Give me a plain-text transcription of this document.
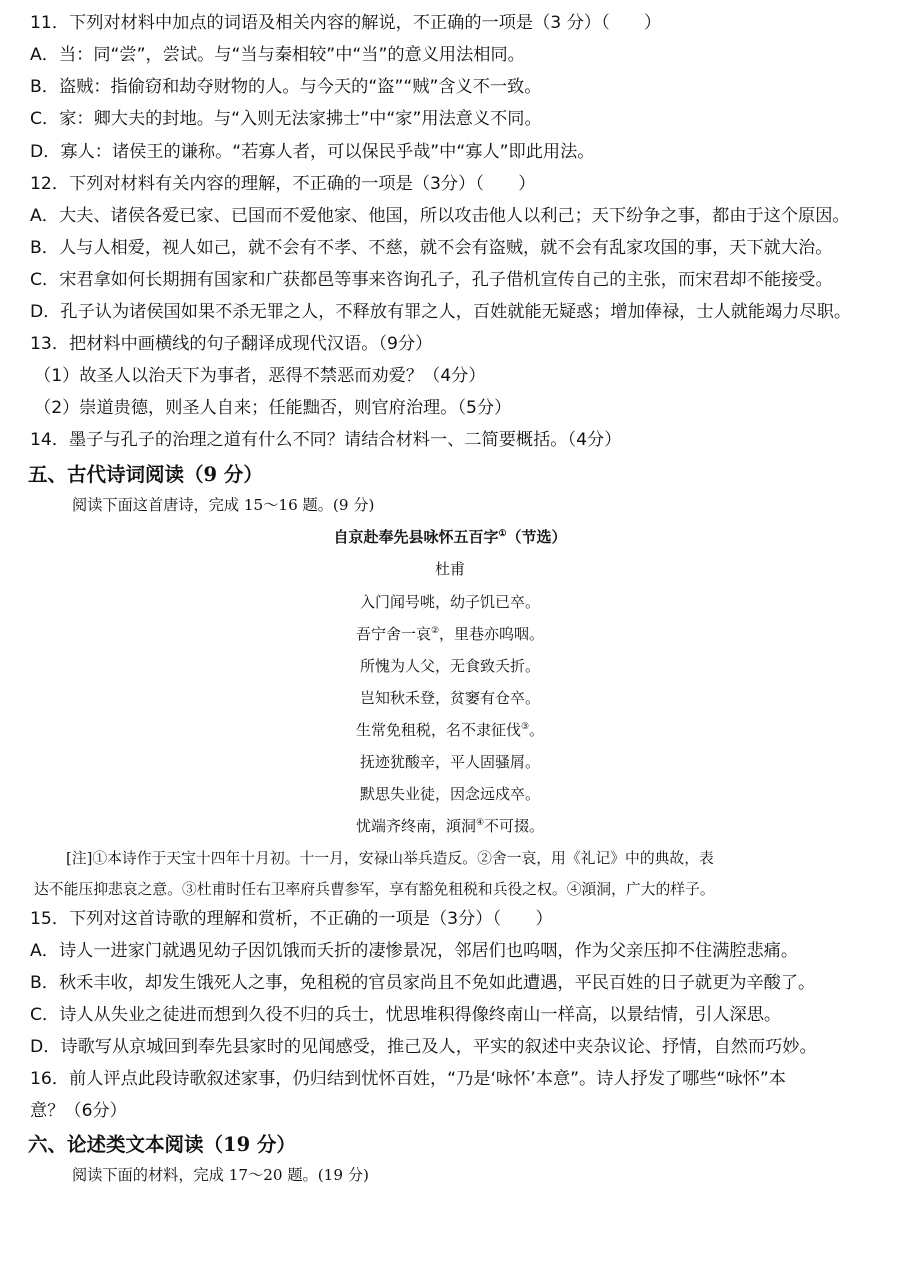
11．下列对材料中加点的词语及相关内容的解说，不正确的一项是（3 分）（　　）
A．当：同“尝”，尝试。与“当与秦相较”中“当”的意义用法相同。
B．盗贼：指偷窃和劫夺财物的人。与今天的“盗”“贼”含义不一致。
C．家：卿大夫的封地。与“入则无法家拂士”中“家”用法意义不同。
D．寡人：诸侯王的谦称。“若寡人者，可以保民乎哉”中“寡人”即此用法。
12．下列对材料有关内容的理解，不正确的一项是（3分）（　　）
A．大夫、诸侯各爱已家、已国而不爱他家、他国，所以攻击他人以利己；天下纷争之事，都由于这个原因。
B．人与人相爱，视人如己，就不会有不孝、不慈，就不会有盗贼，就不会有乱家攻国的事，天下就大治。
C．宋君拿如何长期拥有国家和广获都邑等事来咨询孔子，孔子借机宣传自己的主张，而宋君却不能接受。
D．孔子认为诸侯国如果不杀无罪之人，不释放有罪之人，百姓就能无疑惑；增加俸禄，士人就能竭力尽职。
13．把材料中画横线的句子翻译成现代汉语。（9分）
（1）故圣人以治天下为事者，恶得不禁恶而劝爱？（4分）
（2）崇道贵德，则圣人自来；任能黜否，则官府治理。（5分）
14．墨子与孔子的治理之道有什么不同？请结合材料一、二简要概括。（4分）
五、古代诗词阅读（9 分）
阅读下面这首唐诗，完成 15～16 题。(9 分)
自京赴奉先县咏怀五百字①（节选）
杜甫
入门闻号咷，幼子饥已卒。
吾宁舍一哀②，里巷亦呜咽。
所愧为人父，无食致夭折。
岂知秋禾登，贫窭有仓卒。
生常免租税，名不隶征伐③。
抚迹犹酸辛，平人固骚屑。
默思失业徒，因念远戍卒。
忧端齐终南，澒洞④不可掇。
[注]①本诗作于天宝十四年十月初。十一月，安禄山举兵造反。②舍一哀，用《礼记》中的典故，表
达不能压抑悲哀之意。③杜甫时任右卫率府兵曹参军，享有豁免租税和兵役之权。④澒洞，广大的样子。
15．下列对这首诗歌的理解和赏析，不正确的一项是（3分）（　　）
A．诗人一进家门就遇见幼子因饥饿而夭折的凄惨景况，邻居们也呜咽，作为父亲压抑不住满腔悲痛。
B．秋禾丰收，却发生饿死人之事，免租税的官员家尚且不免如此遭遇，平民百姓的日子就更为辛酸了。
C．诗人从失业之徒进而想到久役不归的兵士，忧思堆积得像终南山一样高，以景结情，引人深思。
D．诗歌写从京城回到奉先县家时的见闻感受，推己及人，平实的叙述中夹杂议论、抒情，自然而巧妙。
16．前人评点此段诗歌叙述家事，仍归结到忧怀百姓，“乃是‘咏怀’本意”。诗人抒发了哪些“咏怀”本
意？（6分）
六、论述类文本阅读（19 分）
阅读下面的材料，完成 17～20 题。(19 分)
